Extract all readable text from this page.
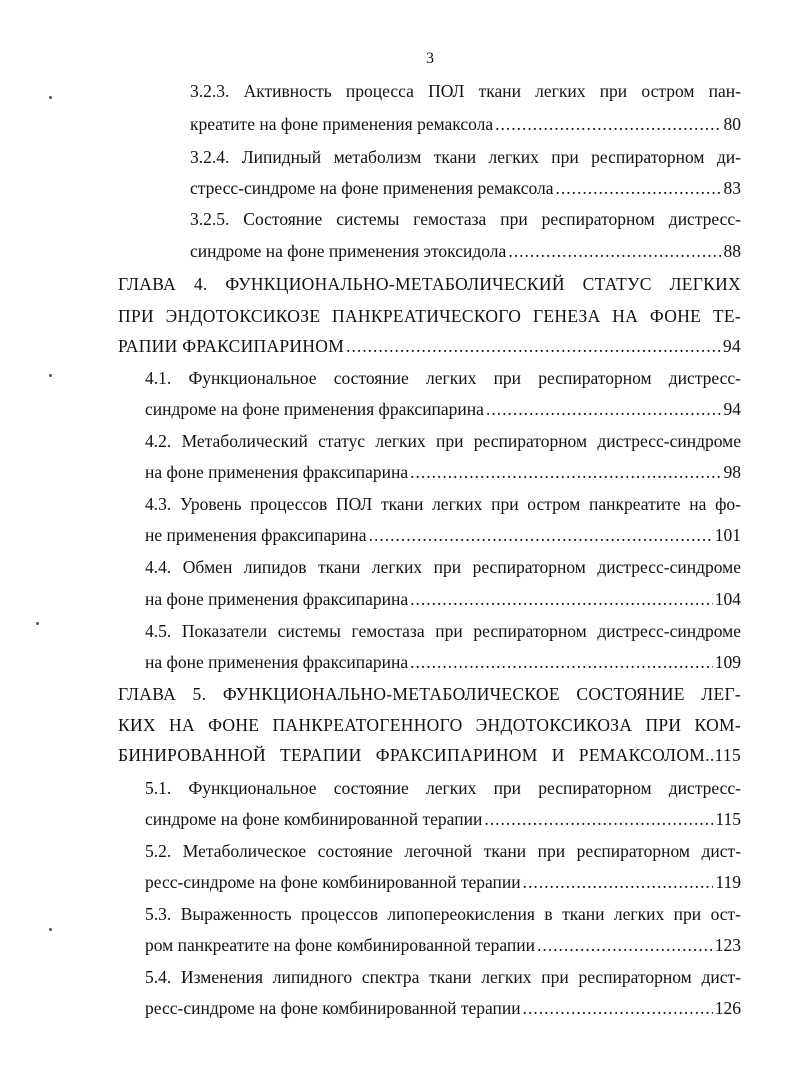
3
3.2.3. Активность процесса ПОЛ ткани легких при остром пан-
креатите на фоне применения ремаксола .....	80
3.2.4. Липидный метаболизм ткани легких при респираторном ди-
стресс-синдроме на фоне применения ремаксола .....	83
3.2.5. Состояние системы гемостаза при респираторном дистресс-
синдроме на фоне применения этоксидола .....	88
ГЛАВА 4. ФУНКЦИОНАЛЬНО-МЕТАБОЛИЧЕСКИЙ СТАТУС ЛЕГКИХ
ПРИ ЭНДОТОКСИКОЗЕ ПАНКРЕАТИЧЕСКОГО ГЕНЕЗА НА ФОНЕ ТЕ-
РАПИИ ФРАКСИПАРИНОМ .....	94
4.1. Функциональное состояние легких при респираторном дистресс-
синдроме на фоне применения фраксипарина .....	94
4.2. Метаболический статус легких при респираторном дистресс-синдроме
на фоне применения фраксипарина .....	98
4.3. Уровень процессов ПОЛ ткани легких при остром панкреатите на фо-
не применения фраксипарина .....	101
4.4. Обмен липидов ткани легких при респираторном дистресс-синдроме
на фоне применения фраксипарина .....	104
4.5. Показатели системы гемостаза при респираторном дистресс-синдроме
на фоне применения фраксипарина .....	109
ГЛАВА 5. ФУНКЦИОНАЛЬНО-МЕТАБОЛИЧЕСКОЕ СОСТОЯНИЕ ЛЕГ-
КИХ НА ФОНЕ ПАНКРЕАТОГЕННОГО ЭНДОТОКСИКОЗА ПРИ КОМ-
БИНИРОВАННОЙ ТЕРАПИИ ФРАКСИПАРИНОМ И РЕМАКСОЛОМ..115
5.1. Функциональное состояние легких при респираторном дистресс-
синдроме на фоне комбинированной терапии .....	115
5.2. Метаболическое состояние легочной ткани при респираторном дист-
ресс-синдроме на фоне комбинированной терапии .....	119
5.3. Выраженность процессов липопереокисления в ткани легких при ост-
ром панкреатите на фоне комбинированной терапии .....	123
5.4. Изменения липидного спектра ткани легких при респираторном дист-
ресс-синдроме на фоне комбинированной терапии .....	126
